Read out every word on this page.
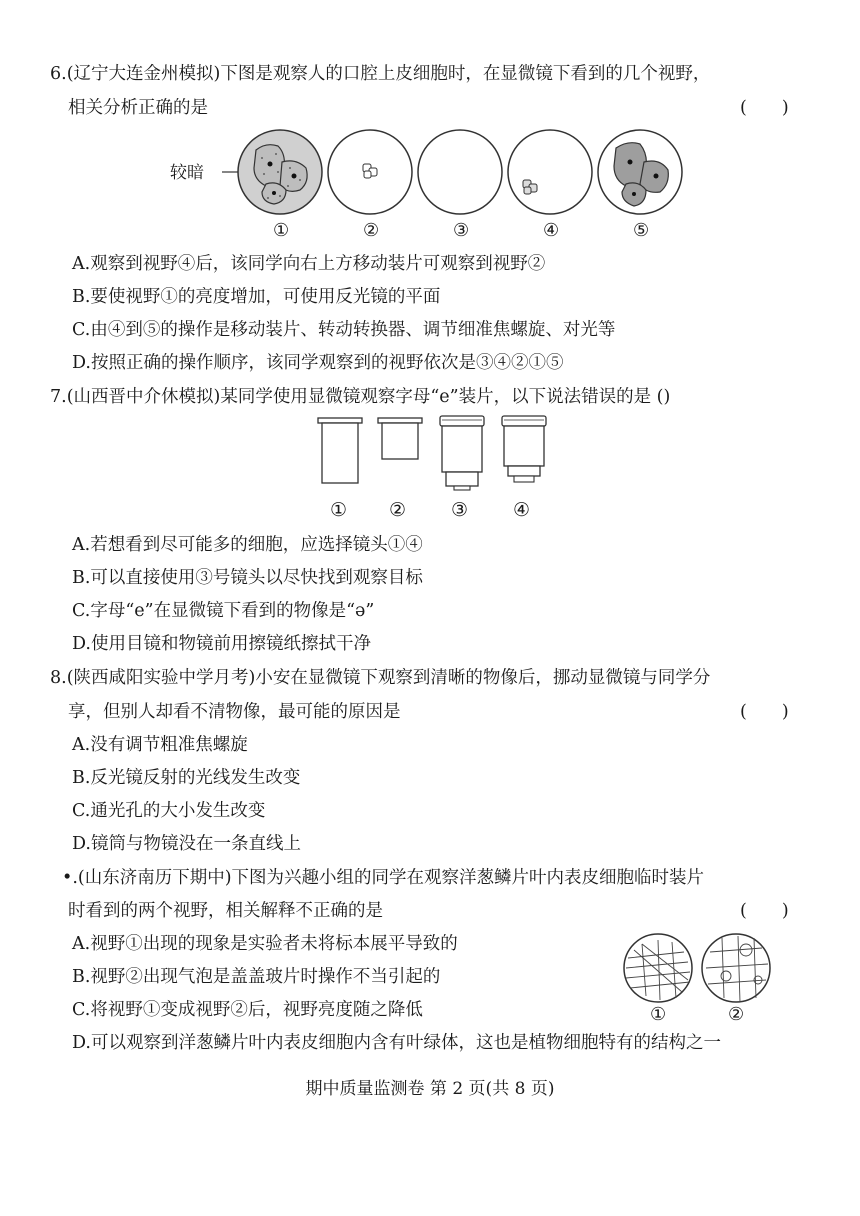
6.(辽宁大连金州模拟)下图是观察人的口腔上皮细胞时，在显微镜下看到的几个视野，
相关分析正确的是	(　　)
较暗
①	②	③	④	⑤
A.观察到视野④后，该同学向右上方移动装片可观察到视野②
B.要使视野①的亮度增加，可使用反光镜的平面
C.由④到⑤的操作是移动装片、转动转换器、调节细准焦螺旋、对光等
D.按照正确的操作顺序，该同学观察到的视野依次是③④②①⑤
7.(山西晋中介休模拟)某同学使用显微镜观察字母“e”装片，以下说法错误的是 ()
① ② ③ ④
A.若想看到尽可能多的细胞，应选择镜头①④
B.可以直接使用③号镜头以尽快找到观察目标
C.字母“e”在显微镜下看到的物像是“ə”
D.使用目镜和物镜前用擦镜纸擦拭干净
8.(陕西咸阳实验中学月考)小安在显微镜下观察到清晰的物像后，挪动显微镜与同学分
享，但别人却看不清物像，最可能的原因是	(　　)
A.没有调节粗准焦螺旋
B.反光镜反射的光线发生改变
C.通光孔的大小发生改变
D.镜筒与物镜没在一条直线上
•.(山东济南历下期中)下图为兴趣小组的同学在观察洋葱鳞片叶内表皮细胞临时装片
时看到的两个视野，相关解释不正确的是	(　　)
A.视野①出现的现象是实验者未将标本展平导致的
B.视野②出现气泡是盖盖玻片时操作不当引起的
C.将视野①变成视野②后，视野亮度随之降低
D.可以观察到洋葱鳞片叶内表皮细胞内含有叶绿体，这也是植物细胞特有的结构之一
①	②
期中质量监测卷 第 2 页(共 8 页)
